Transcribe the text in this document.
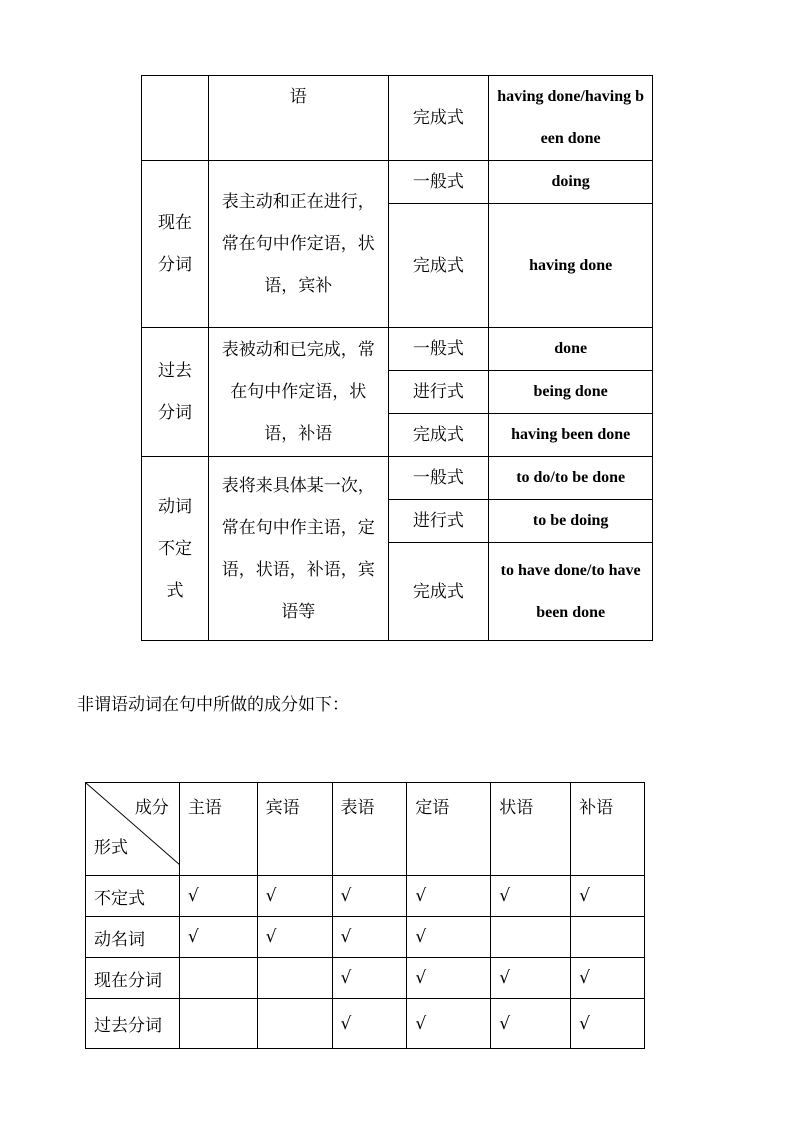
	语	完成式	having done/having been done

现在分词	表主动和正在进行，常在句中作定语，状语，宾补	一般式	doing
		完成式	having done

过去分词	表被动和已完成，常在句中作定语，状语，补语	一般式	done
		进行式	being done
		完成式	having been done

动词不定式	表将来具体某一次，常在句中作主语，定语，状语，补语，宾语等	一般式	to do/to be done
		进行式	to be doing
		完成式	to have done/to have been done
非谓语动词在句中所做的成分如下：
成分
形式	主语	宾语	表语	定语	状语	补语
不定式	√	√	√	√	√	√
动名词	√	√	√	√		
现在分词			√	√	√	√
过去分词			√	√	√	√
